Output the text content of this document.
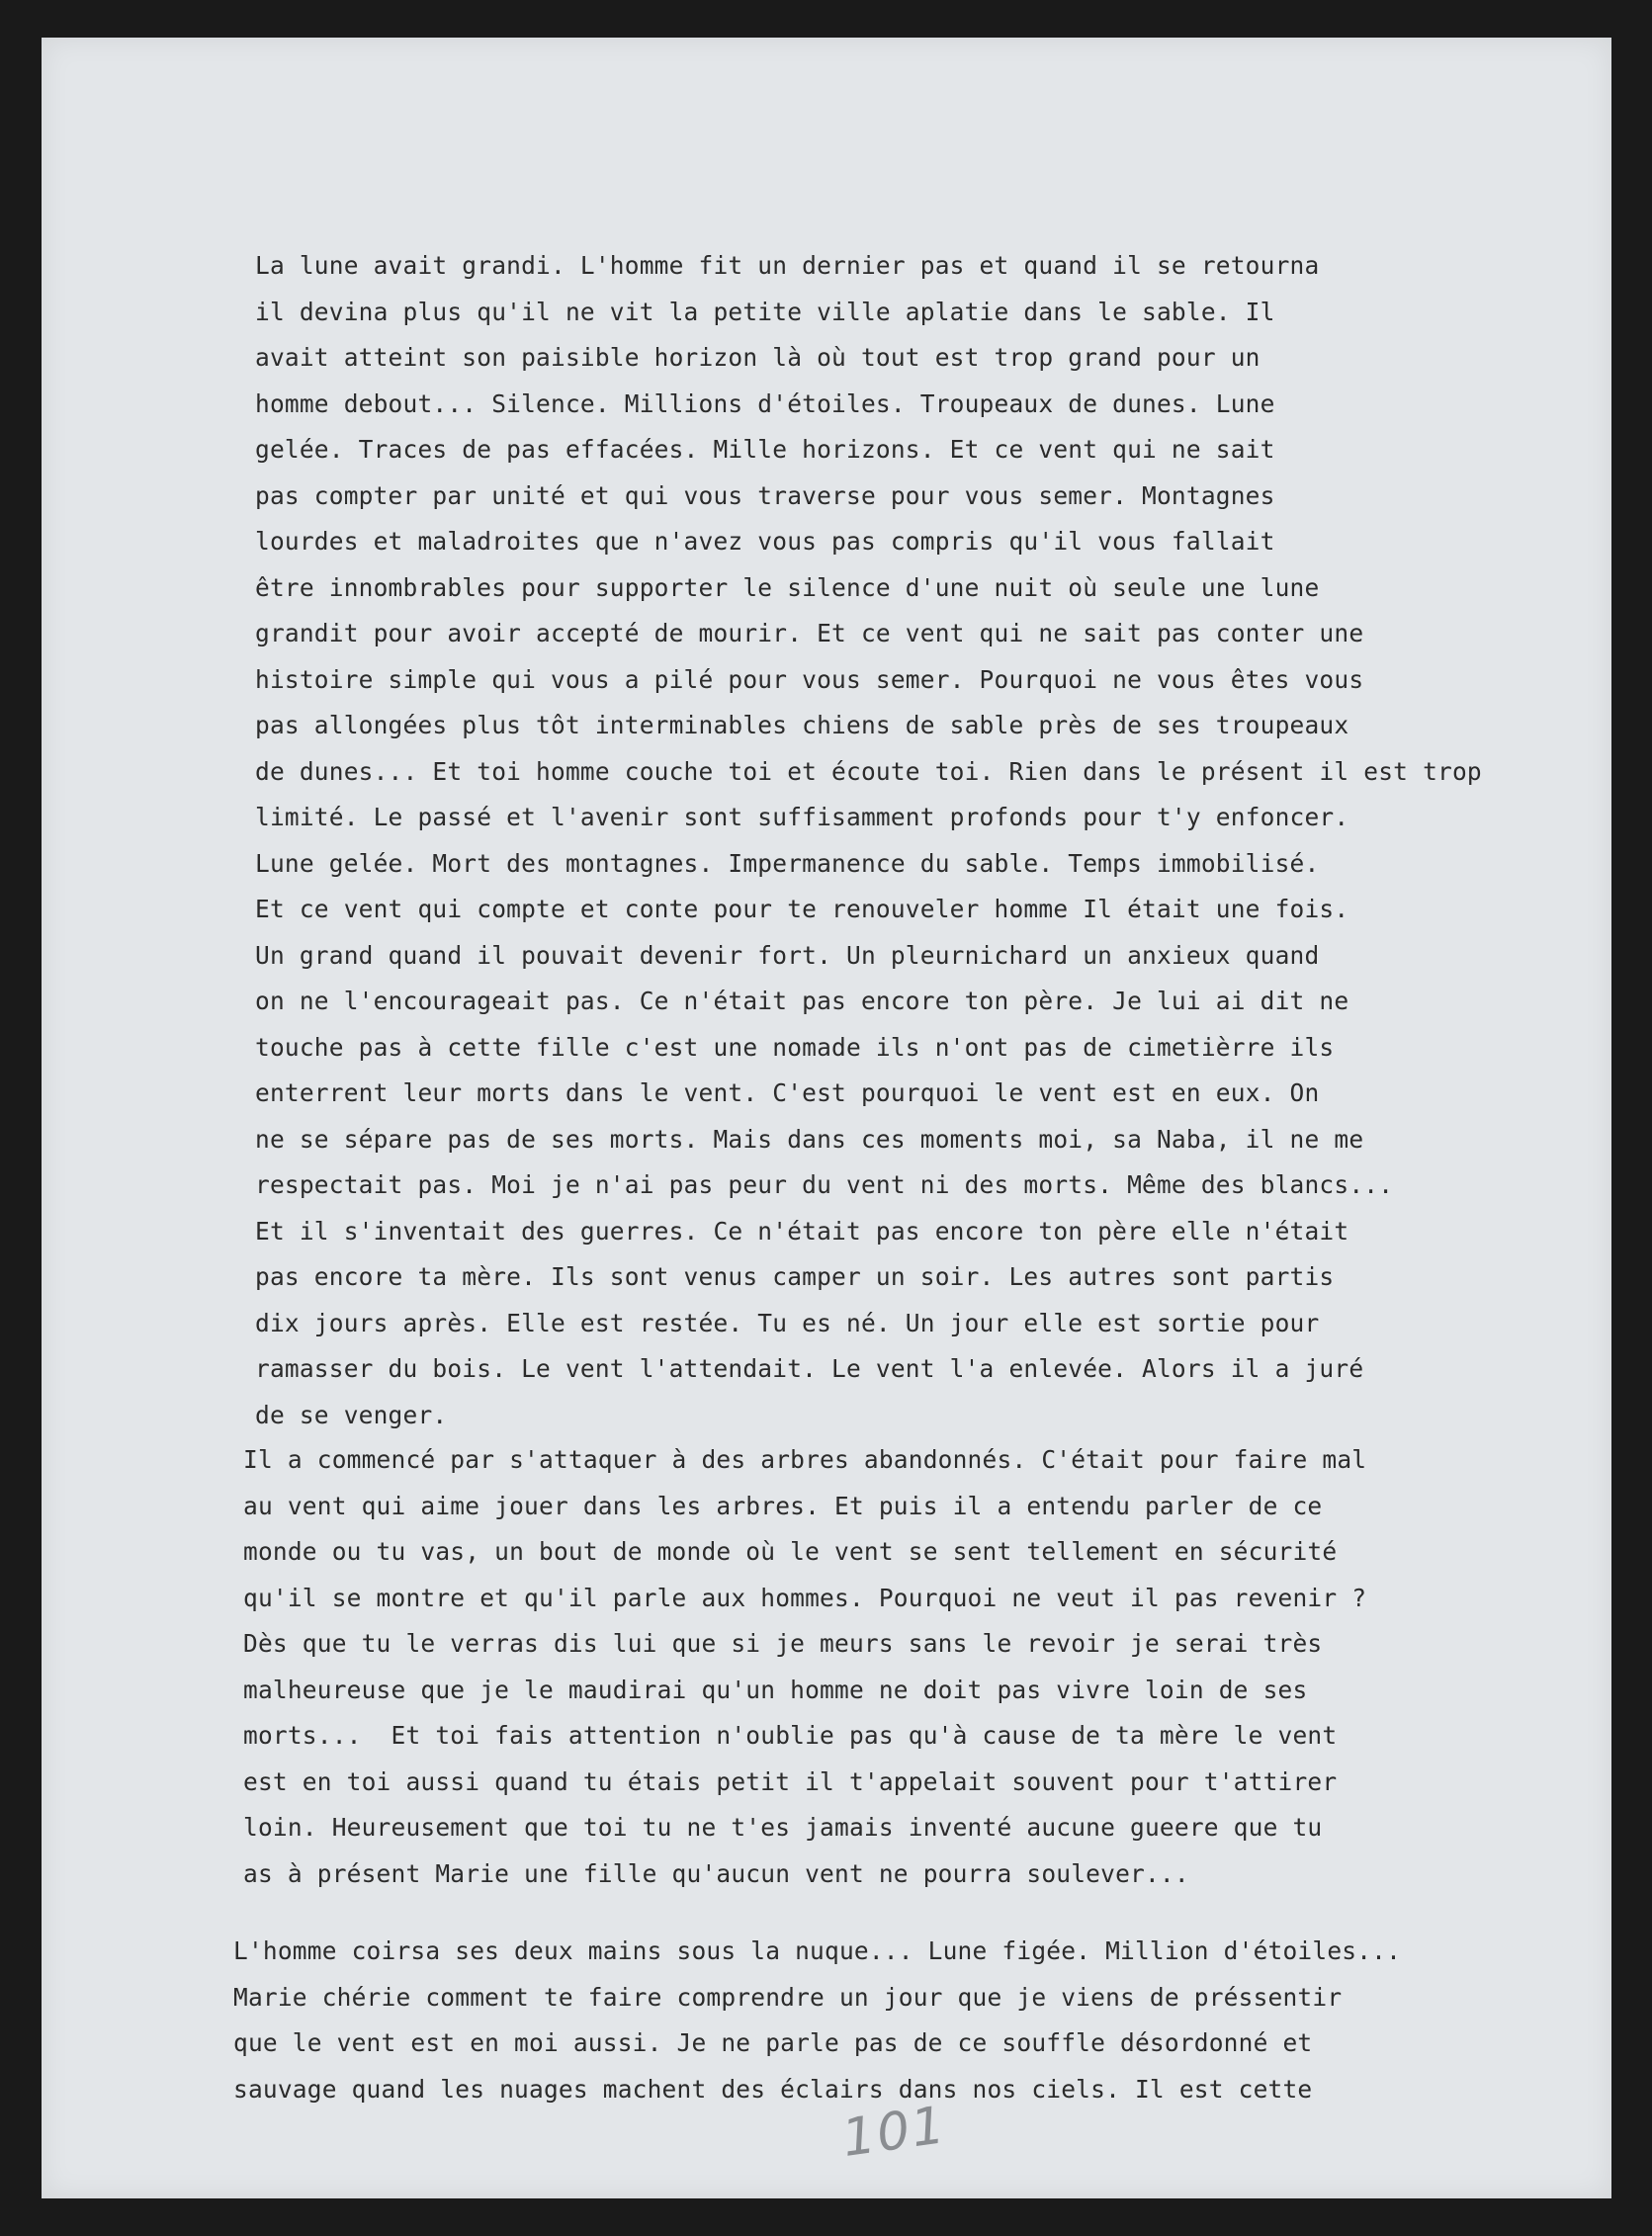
La lune avait grandi. L'homme fit un dernier pas et quand il se retourna
il devina plus qu'il ne vit la petite ville aplatie dans le sable. Il
avait atteint son paisible horizon là où tout est trop grand pour un
homme debout... Silence. Millions d'étoiles. Troupeaux de dunes. Lune
gelée. Traces de pas effacées. Mille horizons. Et ce vent qui ne sait
pas compter par unité et qui vous traverse pour vous semer. Montagnes
lourdes et maladroites que n'avez vous pas compris qu'il vous fallait
être innombrables pour supporter le silence d'une nuit où seule une lune
grandit pour avoir accepté de mourir. Et ce vent qui ne sait pas conter une
histoire simple qui vous a pilé pour vous semer. Pourquoi ne vous êtes vous
pas allongées plus tôt interminables chiens de sable près de ses troupeaux
de dunes... Et toi homme couche toi et écoute toi. Rien dans le présent il est trop
limité. Le passé et l'avenir sont suffisamment profonds pour t'y enfoncer.
Lune gelée. Mort des montagnes. Impermanence du sable. Temps immobilisé.
Et ce vent qui compte et conte pour te renouveler homme Il était une fois.
Un grand quand il pouvait devenir fort. Un pleurnichard un anxieux quand
on ne l'encourageait pas. Ce n'était pas encore ton père. Je lui ai dit ne
touche pas à cette fille c'est une nomade ils n'ont pas de cimetièrre ils
enterrent leur morts dans le vent. C'est pourquoi le vent est en eux. On
ne se sépare pas de ses morts. Mais dans ces moments moi, sa Naba, il ne me
respectait pas. Moi je n'ai pas peur du vent ni des morts. Même des blancs...
Et il s'inventait des guerres. Ce n'était pas encore ton père elle n'était
pas encore ta mère. Ils sont venus camper un soir. Les autres sont partis
dix jours après. Elle est restée. Tu es né. Un jour elle est sortie pour
ramasser du bois. Le vent l'attendait. Le vent l'a enlevée. Alors il a juré
de se venger.
Il a commencé par s'attaquer à des arbres abandonnés. C'était pour faire mal
au vent qui aime jouer dans les arbres. Et puis il a entendu parler de ce
monde ou tu vas, un bout de monde où le vent se sent tellement en sécurité
qu'il se montre et qu'il parle aux hommes. Pourquoi ne veut il pas revenir ?
Dès que tu le verras dis lui que si je meurs sans le revoir je serai très
malheureuse que je le maudirai qu'un homme ne doit pas vivre loin de ses
morts...  Et toi fais attention n'oublie pas qu'à cause de ta mère le vent
est en toi aussi quand tu étais petit il t'appelait souvent pour t'attirer
loin. Heureusement que toi tu ne t'es jamais inventé aucune gueere que tu
as à présent Marie une fille qu'aucun vent ne pourra soulever...
L'homme coirsa ses deux mains sous la nuque... Lune figée. Million d'étoiles...
Marie chérie comment te faire comprendre un jour que je viens de préssentir
que le vent est en moi aussi. Je ne parle pas de ce souffle désordonné et
sauvage quand les nuages machent des éclairs dans nos ciels. Il est cette
101
